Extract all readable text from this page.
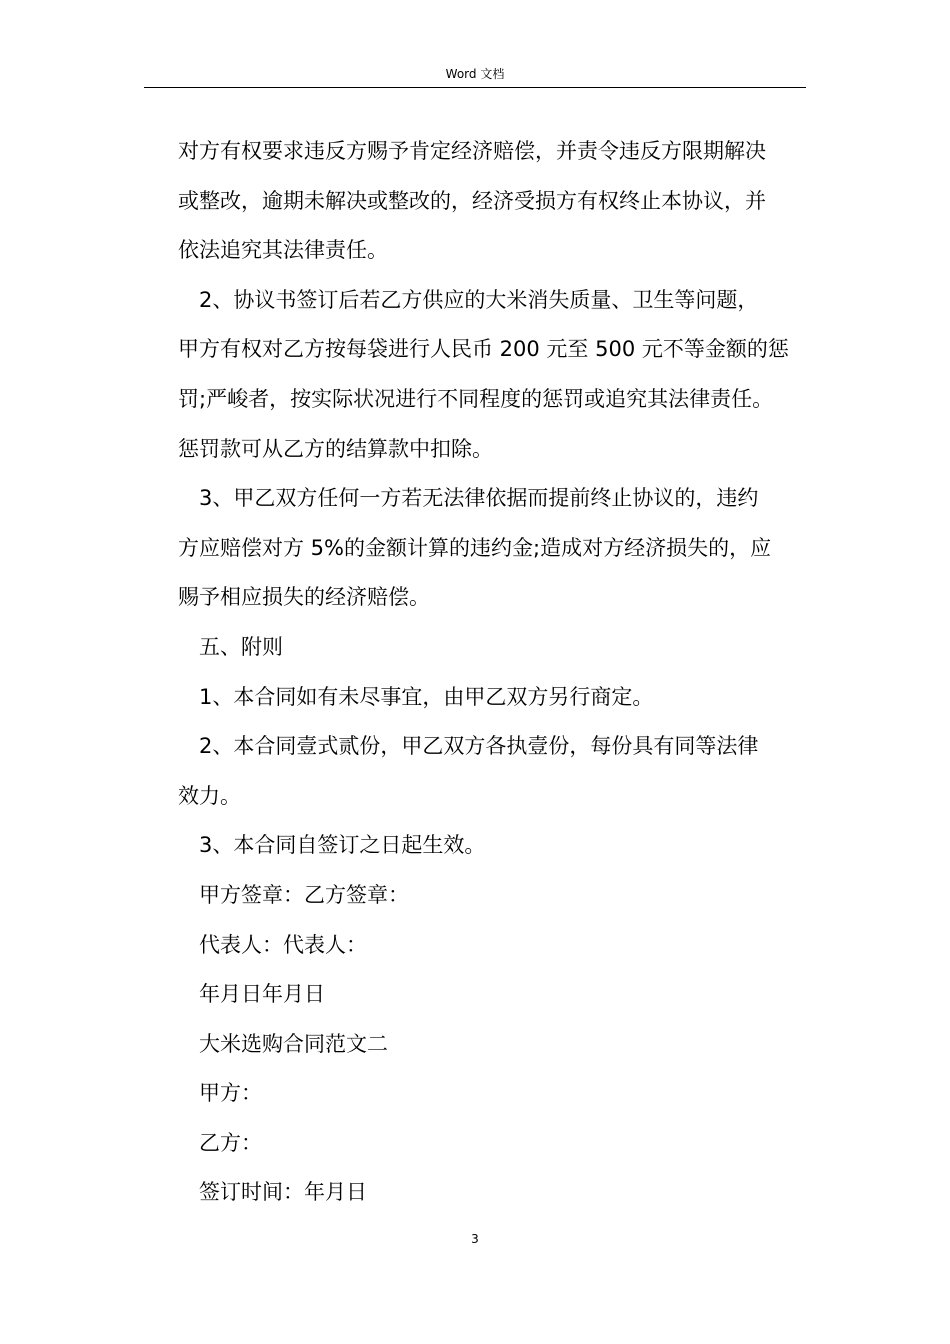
Word 文档

对方有权要求违反方赐予肯定经济赔偿，并责令违反方限期解决

或整改，逾期未解决或整改的，经济受损方有权终止本协议，并

依法追究其法律责任。

2、协议书签订后若乙方供应的大米消失质量、卫生等问题，

甲方有权对乙方按每袋进行人民币 200 元至 500 元不等金额的惩

罚;严峻者，按实际状况进行不同程度的惩罚或追究其法律责任。

惩罚款可从乙方的结算款中扣除。

3、甲乙双方任何一方若无法律依据而提前终止协议的，违约

方应赔偿对方 5%的金额计算的违约金;造成对方经济损失的，应

赐予相应损失的经济赔偿。

五、附则

1、本合同如有未尽事宜，由甲乙双方另行商定。

2、本合同壹式贰份，甲乙双方各执壹份，每份具有同等法律

效力。

3、本合同自签订之日起生效。

甲方签章：乙方签章：

代表人：代表人：

年月日年月日

大米选购合同范文二

甲方：

乙方：

签订时间：年月日

3
